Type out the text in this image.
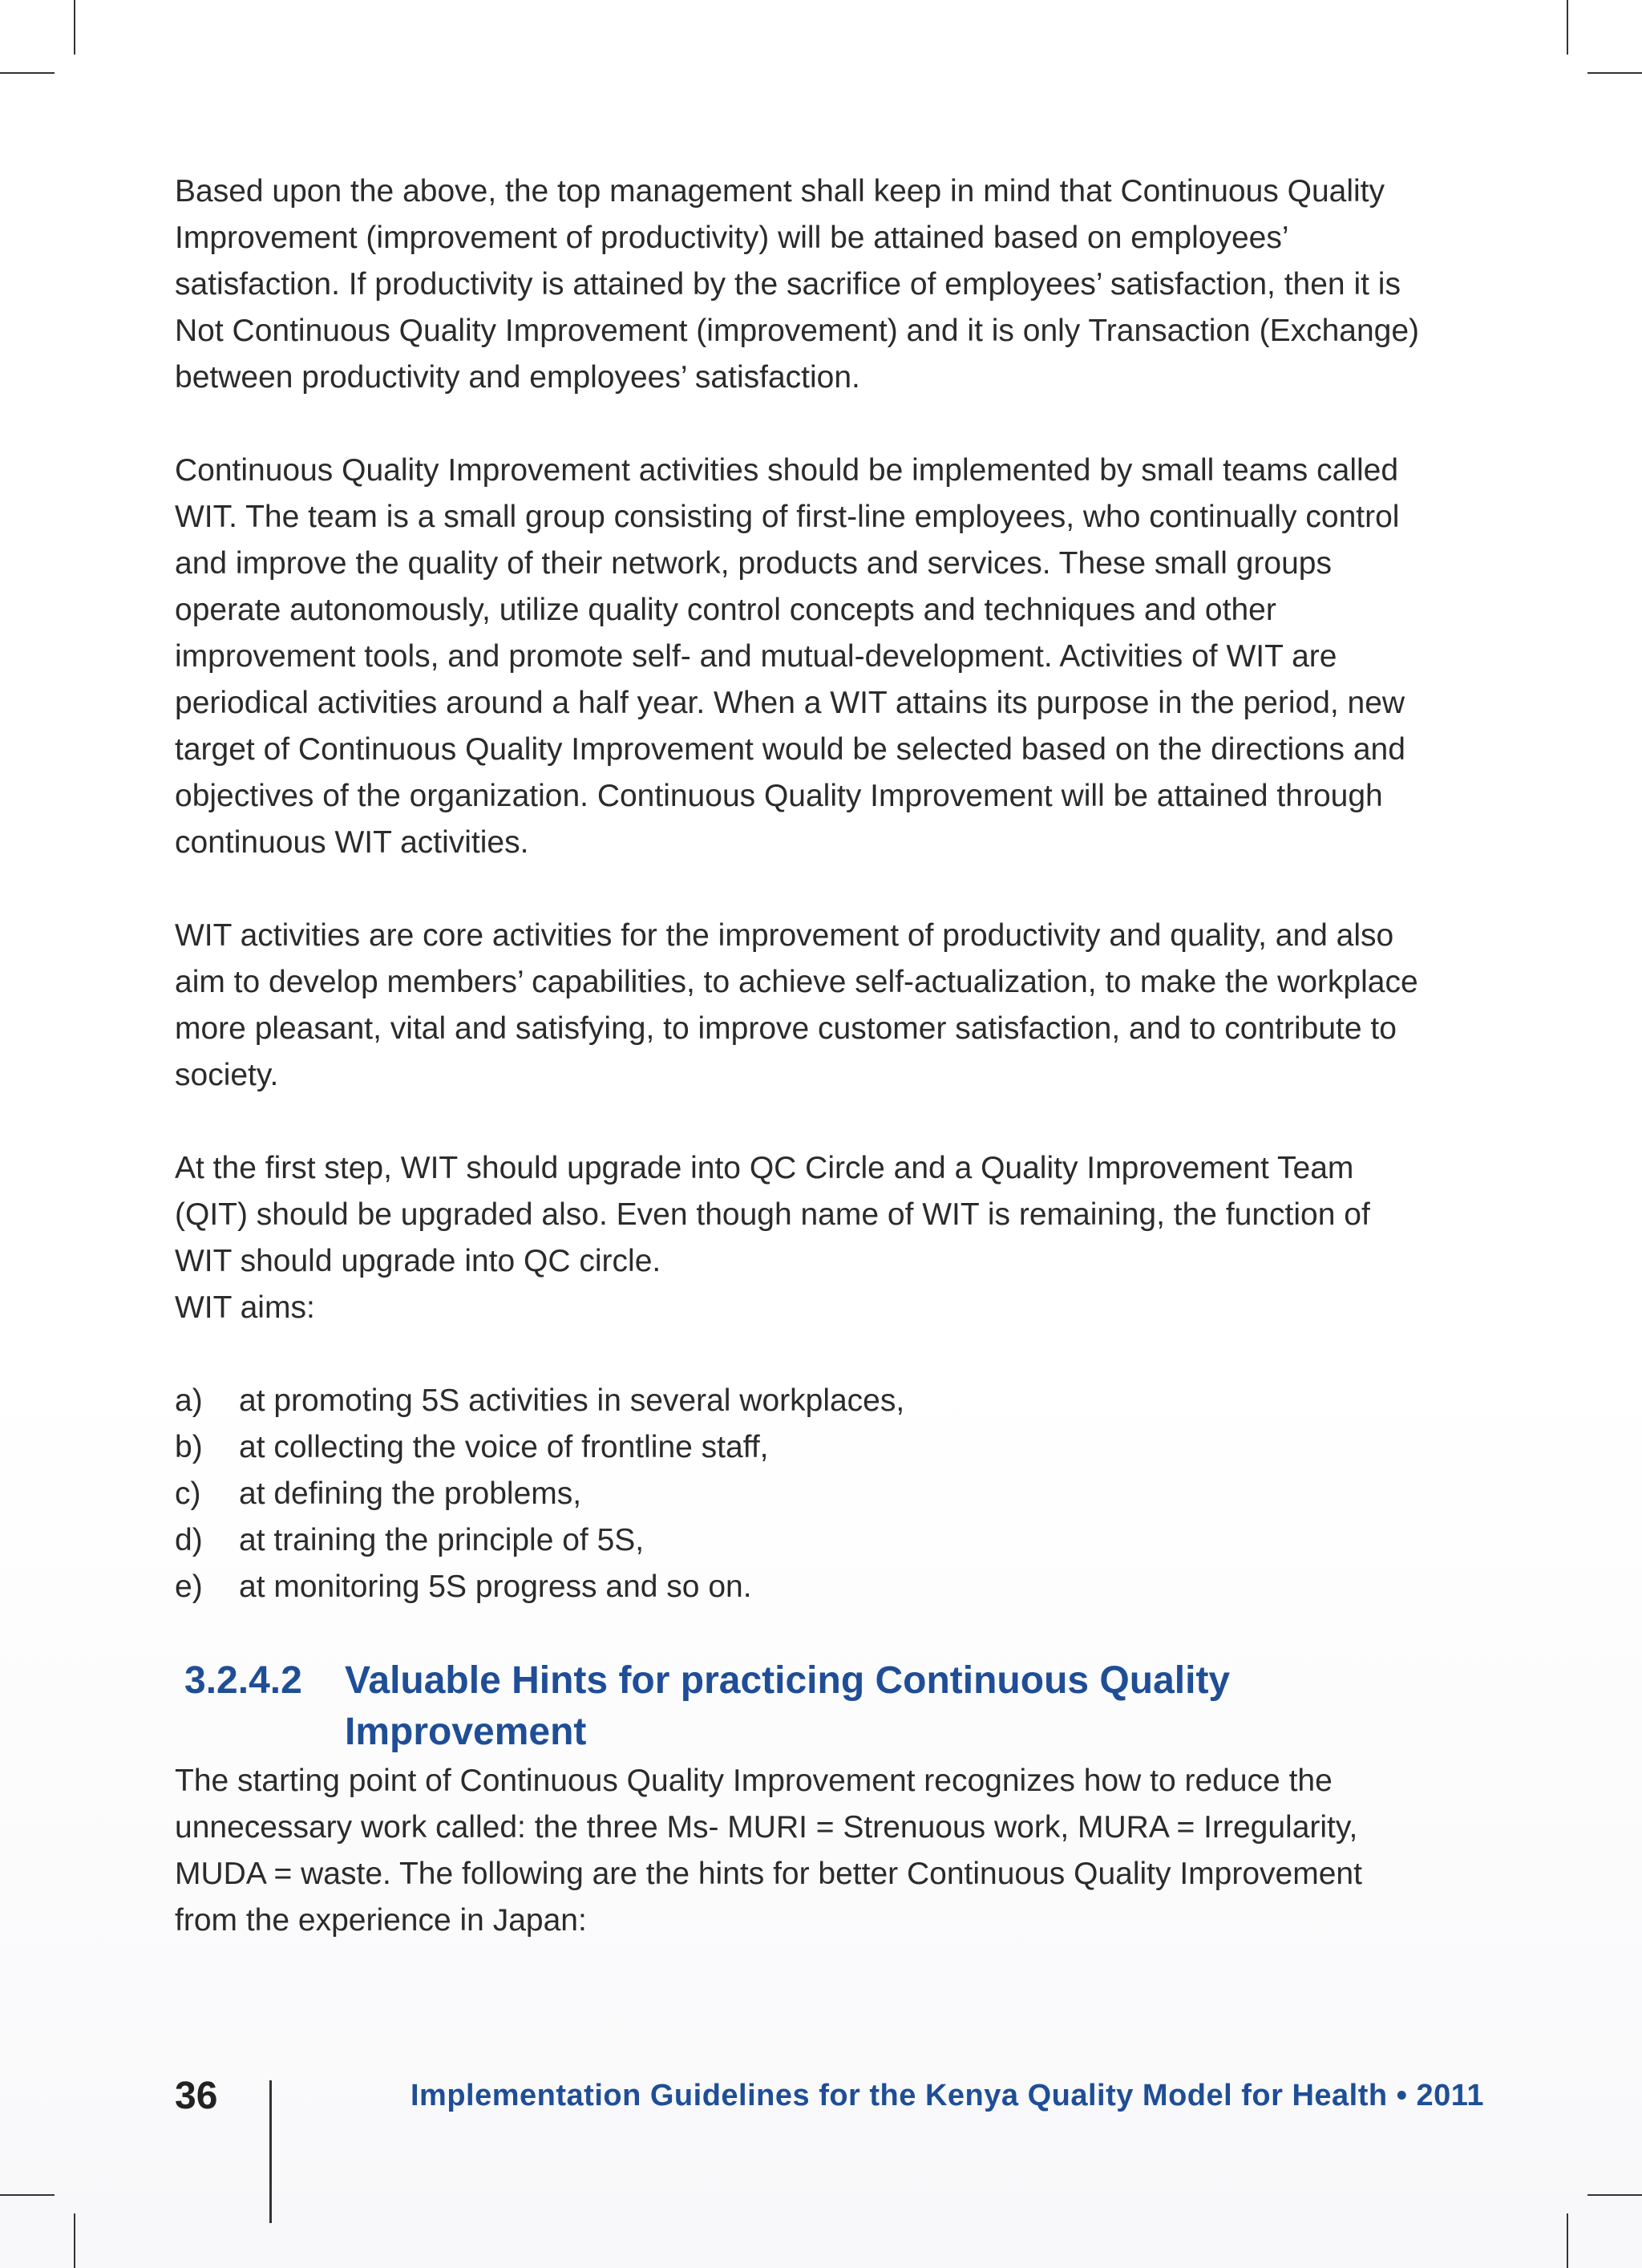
Based upon the above, the top management shall keep in mind that Continuous Quality Improvement (improvement of productivity) will be attained based on employees’ satisfaction. If productivity is attained by the sacrifice of employees’ satisfaction, then it is Not Continuous Quality Improvement (improvement) and it is only Transaction (Exchange) between productivity and employees’ satisfaction.

Continuous Quality Improvement activities should be implemented by small teams called WIT. The team is a small group consisting of first-line employees, who continually control and improve the quality of their network, products and services. These small groups operate autonomously, utilize quality control concepts and techniques and other improvement tools, and promote self- and mutual-development. Activities of WIT are periodical activities around a half year. When a WIT attains its purpose in the period, new target of Continuous Quality Improvement would be selected based on the directions and objectives of the organization. Continuous Quality Improvement will be attained through continuous WIT activities.

WIT activities are core activities for the improvement of productivity and quality, and also aim to develop members’ capabilities, to achieve self-actualization, to make the workplace more pleasant, vital and satisfying, to improve customer satisfaction, and to contribute to society.

At the first step, WIT should upgrade into QC Circle and a Quality Improvement Team (QIT) should be upgraded also. Even though name of WIT is remaining, the function of WIT should upgrade into QC circle.

WIT aims:

a)	at promoting 5S activities in several workplaces,
b)	at collecting the voice of frontline staff,
c)	at defining the problems,
d)	at training the principle of 5S,
e)	at monitoring 5S progress and so on.
3.2.4.2	Valuable Hints for practicing Continuous Quality Improvement

The starting point of Continuous Quality Improvement recognizes how to reduce the unnecessary work called: the three Ms- MURI = Strenuous work, MURA = Irregularity, MUDA = waste. The following are the hints for better Continuous Quality Improvement from the experience in Japan:

36	Implementation Guidelines for the Kenya Quality Model for Health • 2011
